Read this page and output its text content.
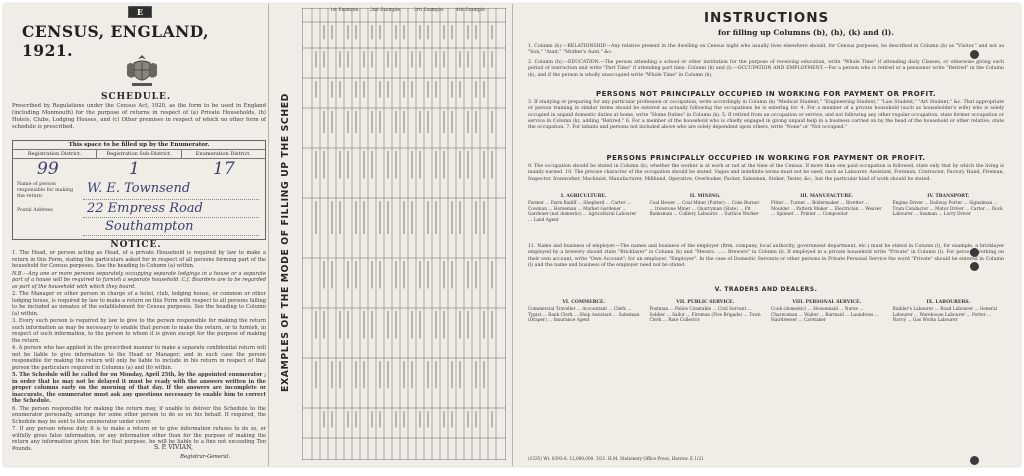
E
CENSUS, ENGLAND, 1921.
SCHEDULE.
Prescribed by Regulations under the Census Act, 1920, as the form to be used in England (including Monmouth) for the purpose of returns in respect of (a) Private Households, (b) Hotels, Clubs, Lodging Houses, and (c) Other premises in respect of which no other form of schedule is prescribed.
This space to be filled up by the Enumerator.
Registration District.	Registration Sub-District.	Enumeration District.
99	1	17
Name of person responsible for making the return
W. E. Townsend
Postal Address	22 Empress Road
Southampton
NOTICE.

1. The Head, or person acting as Head, of a private Household is required by law to make a return in this Form, stating the particulars asked for in respect of all persons forming part of the household for Census purposes. See the heading to Column (a) within.

N.B.—Any one or more persons separately occupying separate lodgings in a house or a separate part of a house will be required to furnish a separate household. C.f. Boarders are to be regarded as part of the household with which they board.

2. The Manager or other person in charge of a hotel, club, lodging house, or common or other lodging house, is required by law to make a return on this Form with respect to all persons falling to be included as inmates of the establishment for Census purposes. See the heading to Column (a) within.

3. Every such person is required by law to give to the person responsible for making the return such information as may be necessary to enable that person to make the return, or to furnish, in respect of such information, to the person to whom it is given except for the purpose of making the return.

4. A person who has applied in the prescribed manner to make a separate confidential return will not be liable to give information to the Head or Manager; and in such case the person responsible for making the return will only be liable to include in his return in respect of that person the particulars required in Columns (a) and (b) within.

5. The Schedule will be called for on Monday, April 25th, by the appointed enumerator ; in order that he may not be delayed it must be ready with the answers written in the proper columns early on the morning of that day. If the answers are incomplete or inaccurate, the enumerator must ask any questions necessary to enable him to correct the Schedule.

6. The person responsible for making the return may, if unable to deliver the Schedule to the enumerator personally, arrange for some other person to do so on his behalf. If required, the Schedule may be sent to the enumerator under cover.

7. If any person whose duty it is to make a return or to give information refuses to do so, or wilfully gives false information, or any information other than for the purpose of making the return any information given him for that purpose, he will be liable to a fine not exceeding Ten Pounds.	S. P. VIVIAN,
Registrar-General.
EXAMPLES OF THE MODE OF FILLING UP THE SCHEDULE.
1st Example. 2nd Example.	3rd Example.	4th Example.	INSTRUCTIONS
for filling up Columns (b), (h), (k) and (l).
1. Column (b).—RELATIONSHIP.—Any relative present in the dwelling on Census night who usually lives elsewhere should, for Census purposes, be described in Column (b) as "Visitor," and not as "Son," "Aunt," "Mother's Aunt," &c.
2. Column (h).—EDUCATION.—The person attending a school or other institution for the purpose of receiving education, write "Whole Time" if attending daily Classes, or otherwise giving such period of instruction and write "Part Time" if attending part time. Column (k) and (l).—OCCUPATION AND EMPLOYMENT.—For a person who is retired or a pensioner write "Retired" in the Column (k), and if the person is wholly unoccupied write "Whole Time" in Column (h).
PERSONS NOT PRINCIPALLY OCCUPIED IN WORKING FOR PAYMENT OR PROFIT.
3. If studying or preparing for any particular profession or occupation, write accordingly in Column (k) "Medical Student," "Engineering Student," "Law Student," "Art Student," &c. That appropriate or person training in similar terms should be entered as actually following the occupations he is entering for. 4. For a member of a private household (such as householder's wife) who is solely occupied in unpaid domestic duties at home, write "Home Duties" in Column (k). 5. If retired from an occupation or service, and not following any other regular occupation, state former occupation or service in Column (k), adding "Retired." 6. For a member of the household who is chiefly engaged in giving unpaid help in a business carried on by the head of the household or other relative, state the occupation. 7. For infants and persons not included above who are solely dependent upon others, write "None" or "Not occupied."
PERSONS PRINCIPALLY OCCUPIED IN WORKING FOR PAYMENT OR PROFIT.
9. The occupation should be stated in Column (k), whether the worker is at work or not at the time of the Census. If more than one paid occupation is followed, state only that by which the living is mainly earned. 10. The precise character of the occupation should be stated. Vague and indefinite terms must not be used, such as Labourer, Assistant, Foreman, Contractor, Factory Hand, Fireman, Inspector, Ironworker, Machinist, Manufacturer, Millhand, Operative, Overlooker, Packer, Salesman, Stoker, Tester, &c., but the particular kind of work should be stated.
I. AGRICULTURE.
Farmer ... Farm Bailiff ... Shepherd ... Carter ... Cowman ... Horseman ... Market Gardener ... Gardener (not domestic) ... Agricultural Labourer ... Land Agent
II. MINING.
Coal Hewer ... Coal Miner (Putter) ... Coke Burner ... Ironstone Miner ... Quarryman (Slate) ... Pit Banksman ... Colliery Labourer ... Surface Worker
III. MANUFACTURE.
Fitter ... Turner ... Boilermaker ... Rivetter ... Moulder ... Pattern Maker ... Electrician ... Weaver ... Spinner ... Printer ... Compositor
IV. TRANSPORT.
Engine Driver ... Railway Porter ... Signalman ... Tram Conductor ... Motor Driver ... Carter ... Dock Labourer ... Seaman ... Lorry Driver
11. Name and business of employer.—The names and business of the employer (firm, company, local authority, government department, etc.) must be stated in Column (l), for example, a bricklayer employed by a brewery should state "Bricklayer" in Column (k) and "Messrs. ...... Brewers" in Column (l). If employed in a private household write "Private" in Column (l). For persons working on their own account, write "Own Account"; for an employer, "Employer". In the case of Domestic Servants or other persons in Private Personal Service the word "Private" should be entered in Column (l) and the name and business of the employer need not be stated.
V. TRADERS AND DEALERS.
VI. COMMERCE.
Commercial Traveller ... Accountant ... Clerk ... Typist ... Bank Clerk ... Shop Assistant ... Salesman (Draper) ... Insurance Agent
VII. PUBLIC SERVICE.
Postman ... Police Constable ... Civil Servant ... Soldier ... Sailor ... Fireman (Fire Brigade) ... Town Clerk ... Rate Collector
VIII. PERSONAL SERVICE.
Cook (domestic) ... Housemaid ... Nurse ... Charwoman ... Waiter ... Barmaid ... Laundress ... Hairdresser ... Caretaker
IX. LABOURERS.
Builder's Labourer ... Road Labourer ... General Labourer ... Warehouse Labourer ... Porter ... Navvy ... Gas Works Labourer
(1335) Wt. 8393-6. 12,000,000. 3/21. H.M. Stationery Office Press, Harrow. E 1/21
